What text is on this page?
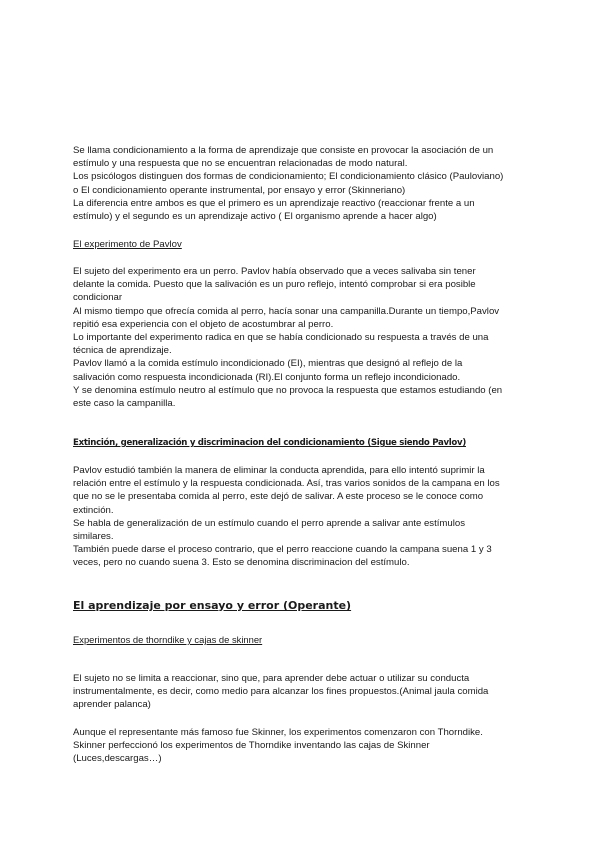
Se llama condicionamiento a la forma de aprendizaje que consiste en provocar la asociación de un

estímulo y una respuesta que no se encuentran relacionadas de modo natural.

Los psicólogos distinguen dos formas de condicionamiento; El condicionamiento clásico (Pauloviano)

o El condicionamiento operante instrumental, por ensayo y error (Skinneriano)

La diferencia entre ambos es que el primero es un aprendizaje reactivo (reaccionar frente a un

estímulo) y el segundo es un aprendizaje activo ( El organismo aprende a hacer algo)

El experimento de Pavlov

El sujeto del experimento era un perro. Pavlov había observado que a veces salivaba sin tener

delante la comida. Puesto que la salivación es un puro reflejo, intentó comprobar si era posible

condicionar

Al mismo tiempo que ofrecía comida al perro, hacía sonar una campanilla.Durante un tiempo,Pavlov

repitió esa experiencia con el objeto de acostumbrar al perro.

Lo importante del experimento radica en que se había condicionado su respuesta a través de una

técnica de aprendizaje.

Pavlov llamó a la comida estímulo incondicionado (EI), mientras que designó al reflejo de la

salivación como respuesta incondicionada (RI).El conjunto forma un reflejo incondicionado.

Y se denomina estímulo neutro al estímulo que no provoca la respuesta que estamos estudiando (en

este caso la campanilla.

Extinción, generalización y discriminacion del condicionamiento (Sigue siendo Pavlov)

Pavlov estudió también la manera de eliminar la conducta aprendida, para ello intentó suprimir la

relación entre el estímulo y la respuesta condicionada. Así, tras varios sonidos de la campana en los

que no se le presentaba comida al perro, este dejó de salivar. A este proceso se le conoce como

extinción.

Se habla de generalización de un estímulo cuando el perro aprende a salivar ante estímulos

similares.

También puede darse el proceso contrario, que el perro reaccione cuando la campana suena 1 y 3

veces, pero no cuando suena 3. Esto se denomina discriminacion del estímulo.

El aprendizaje por ensayo y error (Operante)
Experimentos de thorndike y cajas de skinner

El sujeto no se limita a reaccionar, sino que, para aprender debe actuar o utilizar su conducta

instrumentalmente, es decir, como medio para alcanzar los fines propuestos.(Animal jaula comida

aprender palanca)

Aunque el representante más famoso fue Skinner, los experimentos comenzaron con Thorndike.

Skinner perfeccionó los experimentos de Thorndike inventando las cajas de Skinner

(Luces,descargas…)
